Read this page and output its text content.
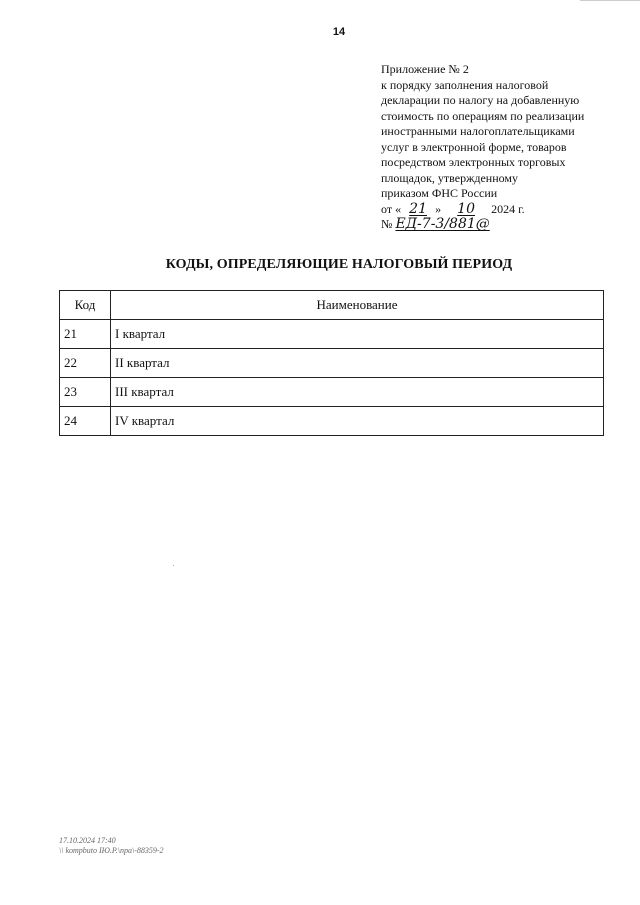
14
Приложение № 2
к порядку заполнения налоговой
декларации по налогу на добавленную
стоимость по операциям по реализации
иностранными налогоплательщиками
услуг в электронной форме, товаров
посредством электронных торговых
площадок, утвержденному
приказом ФНС России
от « 21 » 10 2024 г.
№ ЕД-7-3/881@
КОДЫ, ОПРЕДЕЛЯЮЩИЕ НАЛОГОВЫЙ ПЕРИОД
Код	Наименование
21	I квартал
22	II квартал
23	III квартал
24	IV квартал
17.10.2024 17:40
\\ kompbuto IЮ.P.\npa\-88359-2
